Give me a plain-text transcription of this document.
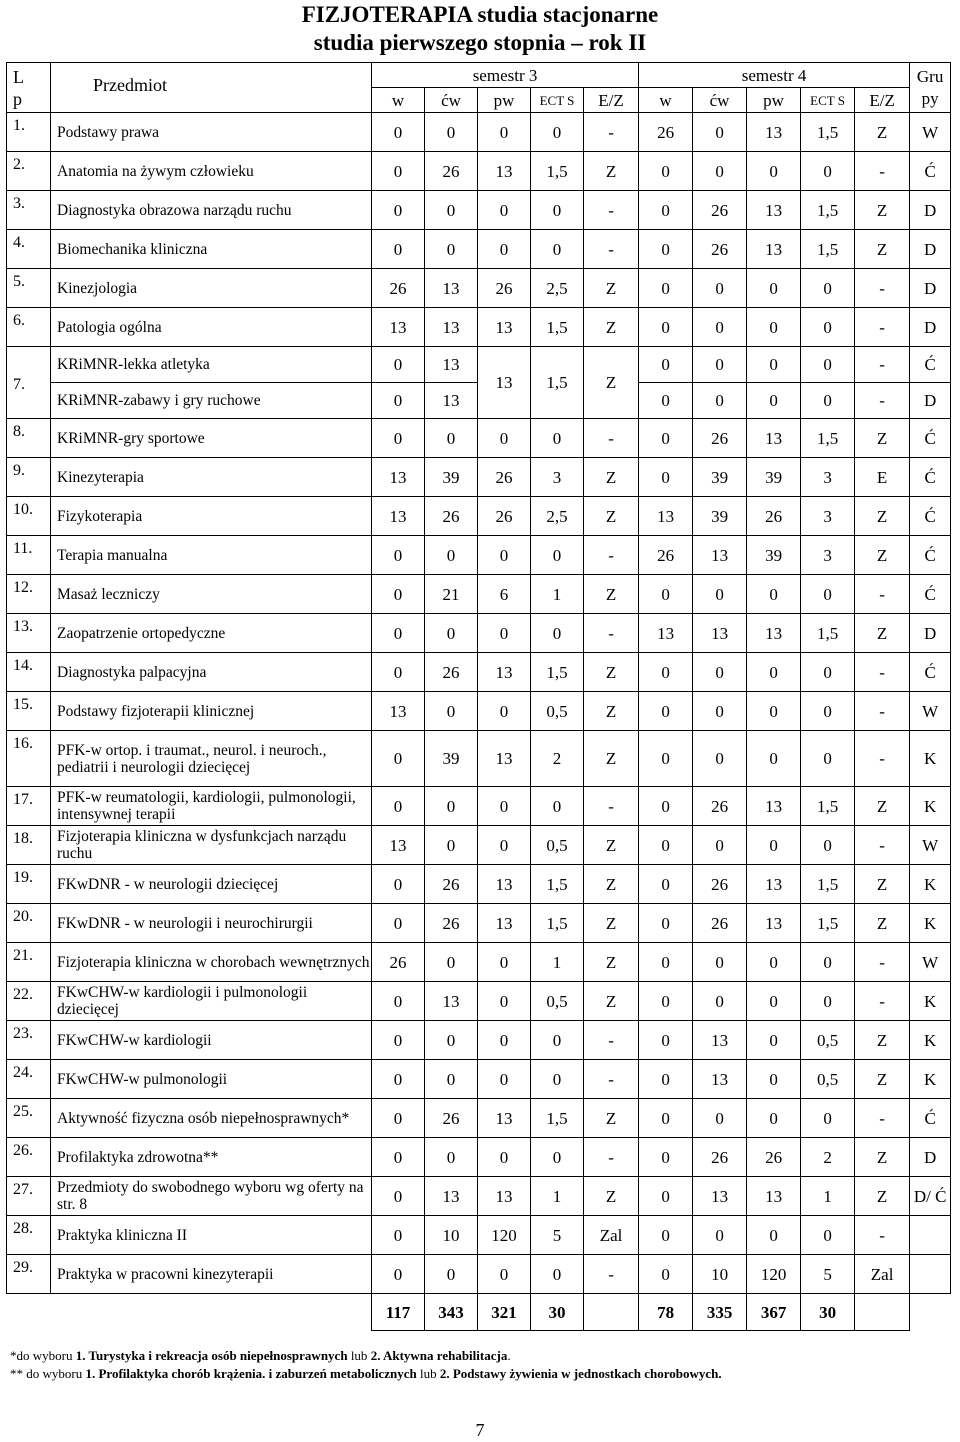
FIZJOTERAPIA studia stacjonarne
studia pierwszego stopnia – rok II
L
p	Przedmiot	semestr 3					semestr 4					Gru
py
		w	ćw	pw	ECT S	E/Z	w	ćw	pw	ECT S	E/Z	
1.	Podstawy prawa	0	0	0	0	-	26	0	13	1,5	Z	W
2.	Anatomia na żywym człowieku	0	26	13	1,5	Z	0	0	0	0	-	Ć
3.	Diagnostyka obrazowa narządu ruchu	0	0	0	0	-	0	26	13	1,5	Z	D
4.	Biomechanika kliniczna	0	0	0	0	-	0	26	13	1,5	Z	D
5.	Kinezjologia	26	13	26	2,5	Z	0	0	0	0	-	D
6.	Patologia ogólna	13	13	13	1,5	Z	0	0	0	0	-	D
7.	KRiMNR-lekka atletyka	0	13	13	1,5	Z	0	0	0	0	-	Ć
	KRiMNR-zabawy i gry ruchowe	0	13				0	0	0	0	-	D
8.	KRiMNR-gry sportowe	0	0	0	0	-	0	26	13	1,5	Z	Ć
9.	Kinezyterapia	13	39	26	3	Z	0	39	39	3	E	Ć
10.	Fizykoterapia	13	26	26	2,5	Z	13	39	26	3	Z	Ć
11.	Terapia manualna	0	0	0	0	-	26	13	39	3	Z	Ć
12.	Masaż leczniczy	0	21	6	1	Z	0	0	0	0	-	Ć
13.	Zaopatrzenie ortopedyczne	0	0	0	0	-	13	13	13	1,5	Z	D
14.	Diagnostyka palpacyjna	0	26	13	1,5	Z	0	0	0	0	-	Ć
15.	Podstawy fizjoterapii klinicznej	13	0	0	0,5	Z	0	0	0	0	-	W
16.	PFK-w ortop. i traumat., neurol. i neuroch., pediatrii i neurologii dziecięcej	0	39	13	2	Z	0	0	0	0	-	K
17.	PFK-w reumatologii, kardiologii, pulmonologii, intensywnej terapii	0	0	0	0	-	0	26	13	1,5	Z	K
18.	Fizjoterapia kliniczna w dysfunkcjach narządu ruchu	13	0	0	0,5	Z	0	0	0	0	-	W
19.	FKwDNR - w neurologii dziecięcej	0	26	13	1,5	Z	0	26	13	1,5	Z	K
20.	FKwDNR - w neurologii i neurochirurgii	0	26	13	1,5	Z	0	26	13	1,5	Z	K
21.	Fizjoterapia kliniczna w chorobach wewnętrznych	26	0	0	1	Z	0	0	0	0	-	W
22.	FKwCHW-w kardiologii i pulmonologii dziecięcej	0	13	0	0,5	Z	0	0	0	0	-	K
23.	FKwCHW-w kardiologii	0	0	0	0	-	0	13	0	0,5	Z	K
24.	FKwCHW-w pulmonologii	0	0	0	0	-	0	13	0	0,5	Z	K
25.	Aktywność fizyczna osób niepełnosprawnych*	0	26	13	1,5	Z	0	0	0	0	-	Ć
26.	Profilaktyka zdrowotna**	0	0	0	0	-	0	26	26	2	Z	D
27.	Przedmioty do swobodnego wyboru wg oferty na str. 8	0	13	13	1	Z	0	13	13	1	Z	D/ Ć
28.	Praktyka kliniczna II	0	10	120	5	Zal	0	0	0	0	-	
29.	Praktyka w pracowni kinezyterapii	0	0	0	0	-	0	10	120	5	Zal	
		117	343	321	30		78	335	367	30		
*do wyboru 1. Turystyka i rekreacja osób niepełnosprawnych lub 2. Aktywna rehabilitacja.
** do wyboru 1. Profilaktyka chorób krążenia. i zaburzeń metabolicznych lub 2. Podstawy żywienia w jednostkach chorobowych.
7
